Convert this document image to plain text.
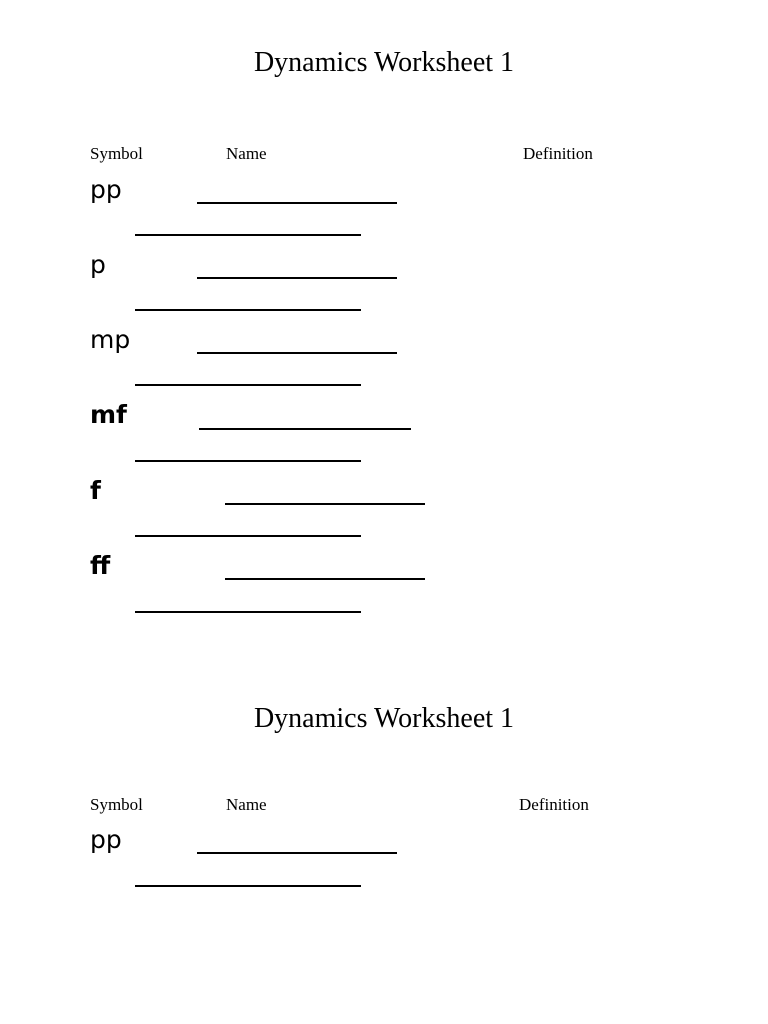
Dynamics Worksheet 1
Symbol	Name	Definition
pp
p
mp
mf
f
ff
Dynamics Worksheet 1
Symbol	Name	Definition
pp
